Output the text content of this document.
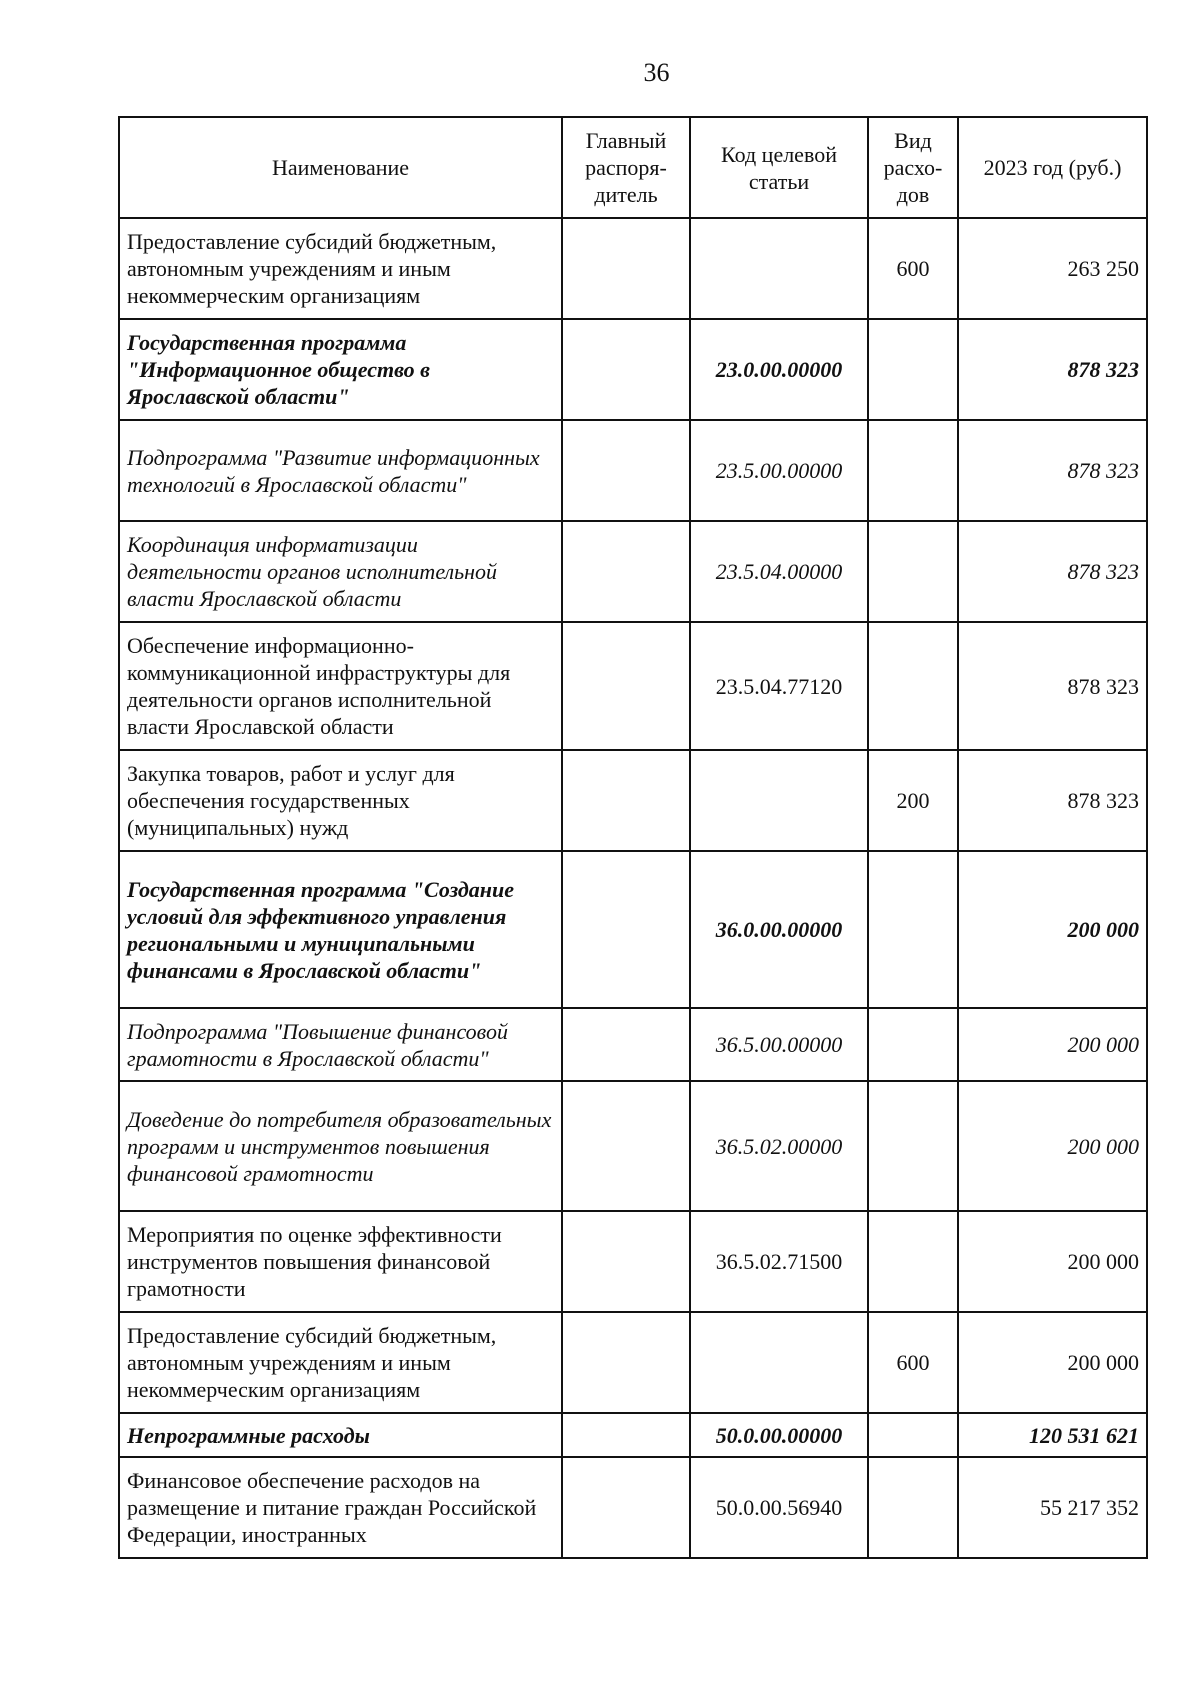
36
Наименование	Главный распоря-дитель	Код целевой статьи	Вид расхо-дов	2023 год (руб.)
Предоставление субсидий бюджетным, автономным учреждениям и иным некоммерческим организациям			600	263 250
Государственная программа "Информационное общество в Ярославской области"		23.0.00.00000		878 323
Подпрограмма "Развитие информационных технологий в Ярославской области"		23.5.00.00000		878 323
Координация информатизации деятельности органов исполнительной власти Ярославской области		23.5.04.00000		878 323
Обеспечение информационно-коммуникационной инфраструктуры для деятельности органов исполнительной власти Ярославской области		23.5.04.77120		878 323
Закупка товаров, работ и услуг для обеспечения государственных (муниципальных) нужд			200	878 323
Государственная программа "Создание условий для эффективного управления региональными и муниципальными финансами в Ярославской области"		36.0.00.00000		200 000
Подпрограмма "Повышение финансовой грамотности в Ярославской области"		36.5.00.00000		200 000
Доведение до потребителя образовательных программ и инструментов повышения финансовой грамотности		36.5.02.00000		200 000
Мероприятия по оценке эффективности инструментов повышения финансовой грамотности		36.5.02.71500		200 000
Предоставление субсидий бюджетным, автономным учреждениям и иным некоммерческим организациям			600	200 000
Непрограммные расходы		50.0.00.00000		120 531 621
Финансовое обеспечение расходов на размещение и питание граждан Российской Федерации, иностранных		50.0.00.56940		55 217 352
